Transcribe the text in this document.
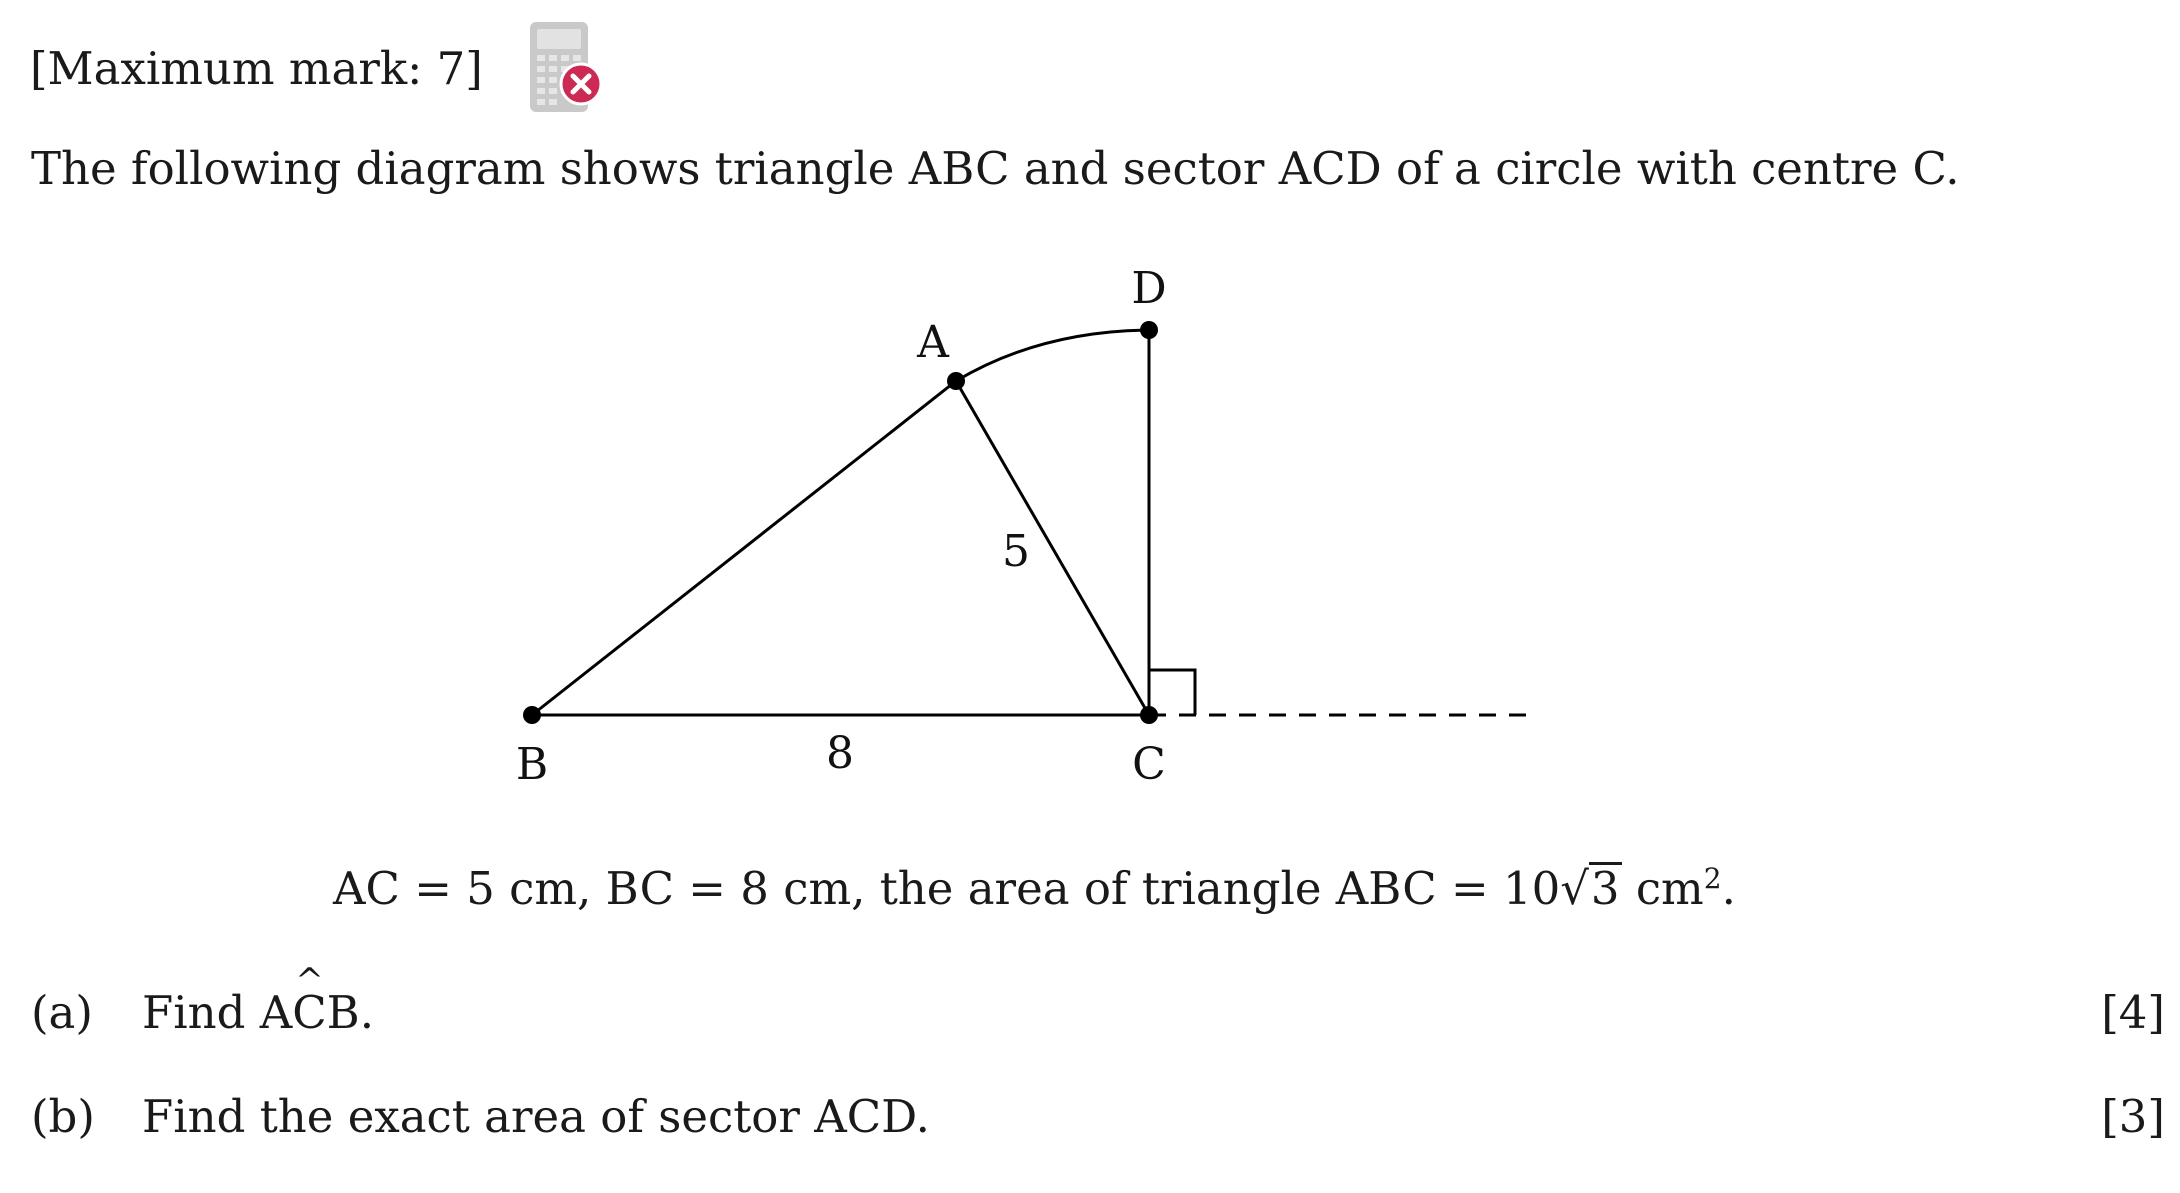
[Maximum mark: 7]
The following diagram shows triangle ABC and sector ACD of a circle with centre C.
A
B	C
D
5
8
AC = 5 cm, BC = 8 cm, the area of triangle ABC = 10√3 $cm^2$.
(a) Find A^ CB.	[4]
(b) Find the exact area of sector ACD.	[3]
